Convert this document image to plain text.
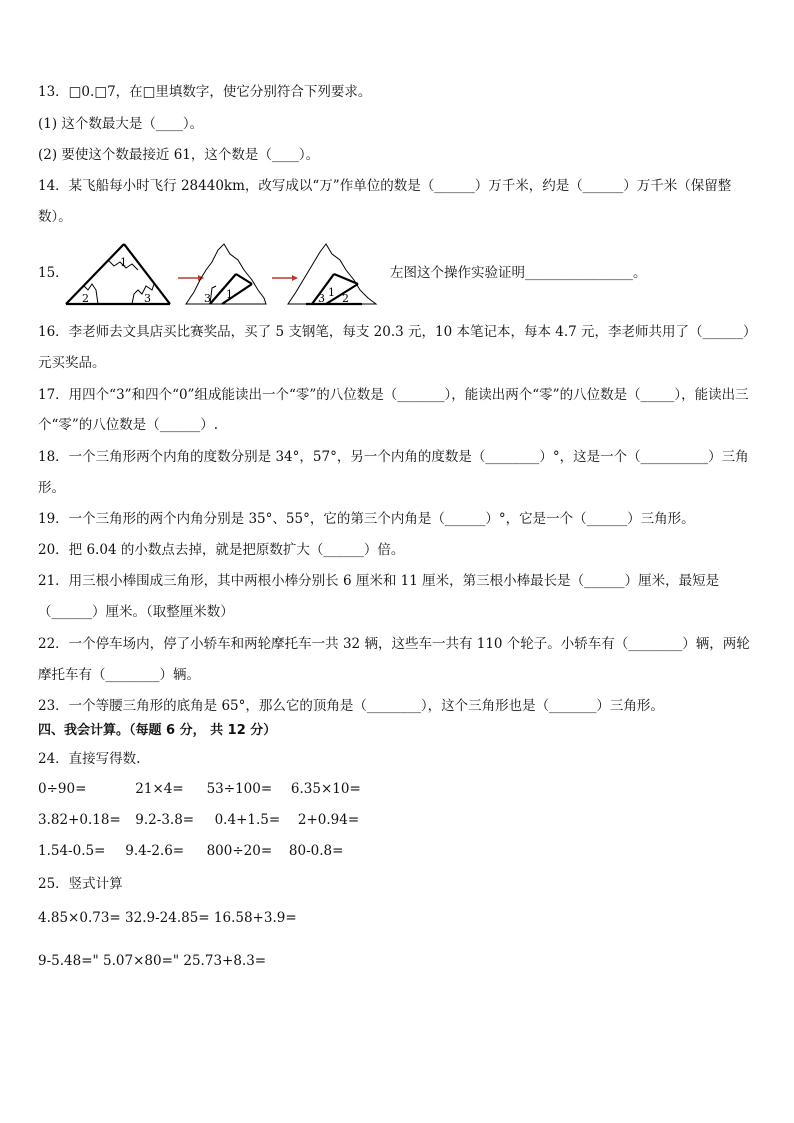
13．□0.□7，在□里填数字，使它分别符合下列要求。
(1) 这个数最大是（____）。
(2) 要使这个数最接近 61，这个数是（____）。
14．某飞船每小时飞行 28440km，改写成以“万”作单位的数是（______）万千米，约是（______）万千米（保留整
数）。
15．
1
2	3	3 1	3 1 2
左图这个操作实验证明________________。
16．李老师去文具店买比赛奖品，买了 5 支钢笔，每支 20.3 元，10 本笔记本，每本 4.7 元，李老师共用了（______）
元买奖品。
17．用四个“3”和四个“0”组成能读出一个“零”的八位数是（_______），能读出两个“零”的八位数是（_____），能读出三
个“零”的八位数是（______）.
18．一个三角形两个内角的度数分别是 34°，57°，另一个内角的度数是（________）°，这是一个（__________）三角
形。
19．一个三角形的两个内角分别是 35°、55°，它的第三个内角是（______）°，它是一个（______）三角形。
20．把 6.04 的小数点去掉，就是把原数扩大（______）倍。
21．用三根小棒围成三角形，其中两根小棒分别长 6 厘米和 11 厘米，第三根小棒最长是（______）厘米，最短是
（______）厘米。（取整厘米数）
22．一个停车场内，停了小轿车和两轮摩托车一共 32 辆，这些车一共有 110 个轮子。小轿车有（________）辆，两轮
摩托车有（________）辆。
23．一个等腰三角形的底角是 65°，那么它的顶角是（________），这个三角形也是（_______）三角形。
四、我会计算。（每题 6 分， 共 12 分）
24．直接写得数.
0÷90=	21×4= 53÷100= 6.35×10=
3.82+0.18= 9.2-3.8= 0.4+1.5= 2+0.94=
1.54-0.5= 9.4-2.6= 800÷20= 80-0.8=
25．竖式计算
4.85×0.73= 32.9-24.85= 16.58+3.9=
9-5.48=" 5.07×80=" 25.73+8.3=
